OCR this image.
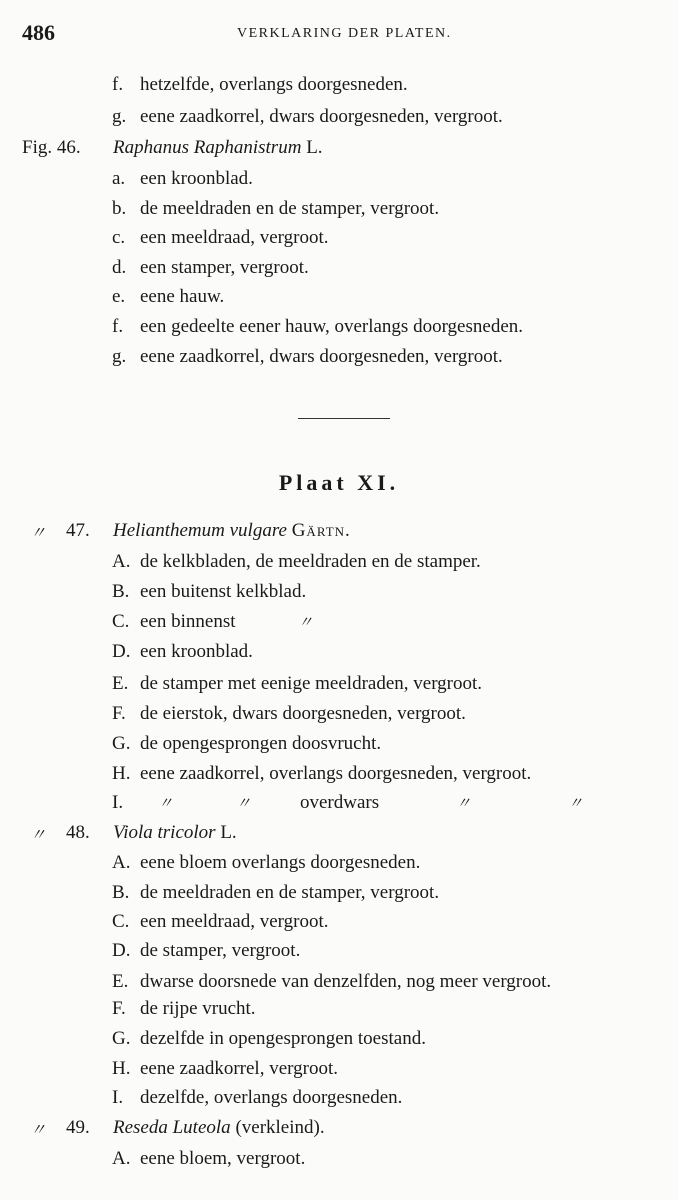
486	VERKLARING DER PLATEN.
f. hetzelfde, overlangs doorgesneden.
g. eene zaadkorrel, dwars doorgesneden, vergroot.
Fig. 46. Raphanus Raphanistrum L.
a. een kroonblad.
b. de meeldraden en de stamper, vergroot.
c. een meeldraad, vergroot.
d. een stamper, vergroot.
e. eene hauw.
f. een gedeelte eener hauw, overlangs doorgesneden.
g. eene zaadkorrel, dwars doorgesneden, vergroot.
Plaat XI.
〃 47. Helianthemum vulgare Gärtn.
A. de kelkbladen, de meeldraden en de stamper.
B. een buitenst kelkblad.
C. een binnenst	〃
D. een kroonblad.
E. de stamper met eenige meeldraden, vergroot.
F. de eierstok, dwars doorgesneden, vergroot.
G. de opengesprongen doosvrucht.
H. eene zaadkorrel, overlangs doorgesneden, vergroot.
I. 〃	〃	overdwars	〃	〃
〃 48. Viola tricolor L.
A. eene bloem overlangs doorgesneden.
B. de meeldraden en de stamper, vergroot.
C. een meeldraad, vergroot.
D. de stamper, vergroot.
E. dwarse doorsnede van denzelfden, nog meer vergroot.
F. de rijpe vrucht.
G. dezelfde in opengesprongen toestand.
H. eene zaadkorrel, vergroot.
I. dezelfde, overlangs doorgesneden.
〃 49. Reseda Luteola (verkleind).
A. eene bloem, vergroot.
